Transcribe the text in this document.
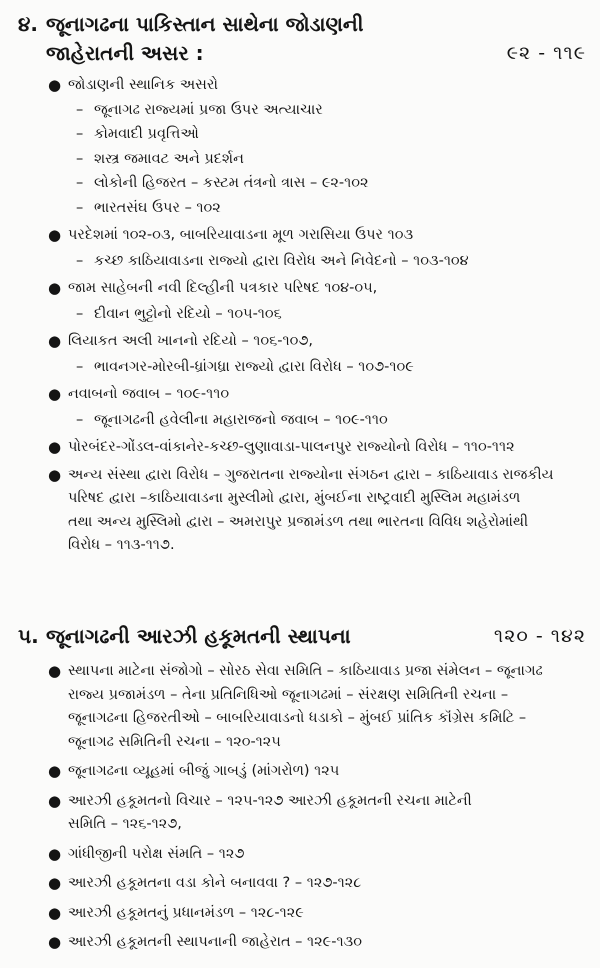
૪. જૂનાગઢના પાકિસ્તાન સાથેના જોડાણની
જાહેરાતની અસર :	૯૨ - ૧૧૯
● જોડાણની સ્થાનિક અસરો
– જૂનાગઢ રાજ્યમાં પ્રજા ઉપર અત્યાચાર
– કોમવાદી પ્રવૃત્તિઓ
– શસ્ત્ર જમાવટ અને પ્રદર્શન
– લોકોની હિજરત – કસ્ટમ તંત્રનો ત્રાસ – ૯૨-૧૦૨
– ભારતસંઘ ઉપર – ૧૦૨
● પરદેશમાં ૧૦૨-૦૩, બાબરિયાવાડના મૂળ ગરાસિયા ઉપર ૧૦૩
– કચ્છ કાઠિયાવાડના રાજ્યો દ્વારા વિરોધ અને નિવેદનો – ૧૦૩-૧૦૪
● જામ સાહેબની નવી દિલ્હીની પત્રકાર પરિષદ ૧૦૪-૦૫,
– દીવાન ભુટ્ટોનો રદિયો – ૧૦૫-૧૦૬
● લિયાકત અલી ખાનનો રદિયો – ૧૦૬-૧૦૭,
– ભાવનગર-મોરબી-ધ્રાંગધ્રા રાજ્યો દ્વારા વિરોધ – ૧૦૭-૧૦૯
● નવાબનો જવાબ – ૧૦૯-૧૧૦
– જૂનાગઢની હવેલીના મહારાજનો જવાબ – ૧૦૯-૧૧૦
● પોરબંદર-ગોંડલ-વાંકાનેર-કચ્છ-લુણાવાડા-પાલનપુર રાજ્યોનો વિરોધ – ૧૧૦-૧૧૨
● અન્ય સંસ્થા દ્વારા વિરોધ – ગુજરાતના રાજ્યોના સંગઠન દ્વારા – કાઠિયાવાડ રાજકીય
પરિષદ દ્વારા –કાઠિયાવાડના મુસ્લીમો દ્વારા, મુંબઈના રાષ્ટ્રવાદી મુસ્લિમ મહામંડળ
તથા અન્ય મુસ્લિમો દ્વારા – અમરાપુર પ્રજામંડળ તથા ભારતના વિવિધ શહેરોમાંથી
વિરોધ – ૧૧૩-૧૧૭.
૫. જૂનાગઢની આરઝી હકૂમતની સ્થાપના	૧૨૦ - ૧૪૨
● સ્થાપના માટેના સંજોગો – સોરઠ સેવા સમિતિ – કાઠિયાવાડ પ્રજા સંમેલન – જૂનાગઢ
રાજ્ય પ્રજામંડળ – તેના પ્રતિનિધિઓ જૂનાગઢમાં – સંરક્ષણ સમિતિની રચના –
જૂનાગઢના હિજરતીઓ – બાબરિયાવાડનો ધડાકો – મુંબઈ પ્રાંતિક કૉંગ્રેસ કમિટિ –
જૂનાગઢ સમિતિની રચના – ૧૨૦-૧૨૫
● જૂનાગઢના વ્યૂહમાં બીજું ગાબડું (માંગરોળ) ૧૨૫
● આરઝી હકૂમતનો વિચાર – ૧૨૫-૧૨૭ આરઝી હકૂમતની રચના માટેની
સમિતિ – ૧૨૬-૧૨૭,
● ગાંધીજીની પરોક્ષ સંમતિ – ૧૨૭
● આરઝી હકૂમતના વડા કોને બનાવવા ? – ૧૨૭-૧૨૮
● આરઝી હકૂમતનું પ્રધાનમંડળ – ૧૨૮-૧૨૯
● આરઝી હકૂમતની સ્થાપનાની જાહેરાત – ૧૨૯-૧૩૦
